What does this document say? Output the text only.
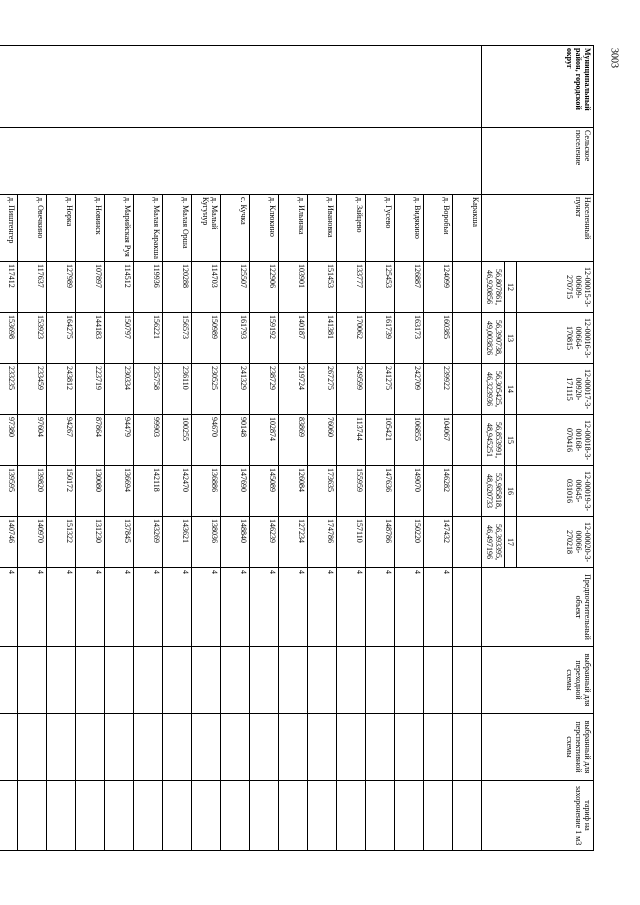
3003
Муниципальный район, городской округ	Сельское поселение	Населенный пункт	12-00015-3-00609-270715	12-00016-3-00664-170815	12-00017-3-00920-171115	12-00018-3-00168-070416	12-00019-3-00645-031016	12-00020-3-00066-270218	Предпочтительный объект	выбранный для переходной схемы	выбранный для перспективной схемы	тариф на захоронение 1 м3
			12	13	14	15	16	17				
			56,807861, 46,920856	56,390738, 49,003826	56,305425, 46,323936	56,853991, 48,945251	55,985818, 48,620733	56,393395, 46,497196				
		Каракша										
		д. Воробьи	124099	160385	239922	104067	146282	147432	4			
		д. Видякино	126887	163173	242709	106855	149070	150220	4			
		д. Гусево	125453	161739	241275	105421	147636	148786	4			
		д. Зайцево	133777	170062	249599	113744	155959	157110	4			
		д. Ивановка	151453	141381	267275	76060	173635	174786	4			
		д. Ильинка	103901	140187	219724	83869	126084	127234	4			
		д. Клюкино	122906	159192	238729	102874	145089	146239	4			
		с. Кучка	125507	161793	241329	90148	147690	148840	4			
		д. Малый Кугунур	114703	150989	230525	94670	136886	138036	4			
		д. Малая Орша	120288	156573	236110	100255	142470	143621	4			
		д. Малая Каракша	119936	156221	235758	99903	142118	143269	4			
		д. Марийская Руя	114512	150797	230334	94479	136694	137845	4			
		д. Новинск	107897	144183	223719	87864	130080	131230	4			
		д. Норка	127989	164275	243812	94267	150172	151322	4			
		д. Овечкино	117637	153923	233459	97604	139820	140970	4			
		д. Пиштенгер	117412	153698	233235	97380	139595	140746	4			
